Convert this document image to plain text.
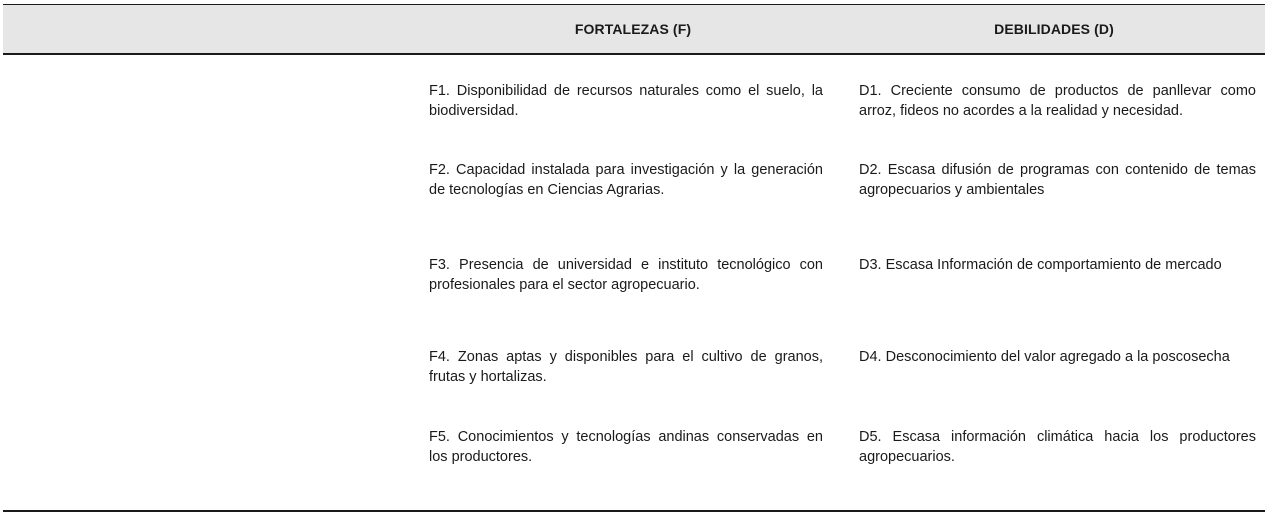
FORTALEZAS (F)	DEBILIDADES (D)
F1. Disponibilidad de recursos naturales como el suelo, la biodiversidad.
F2. Capacidad instalada para investigación y la generación de tecnologías en Ciencias Agrarias.
F3. Presencia de universidad e instituto tecnológico con profesionales para el sector agropecuario.
F4. Zonas aptas y disponibles para el cultivo de granos, frutas y hortalizas.
F5. Conocimientos y tecnologías andinas conservadas en los productores.
D1. Creciente consumo de productos de panllevar como arroz, fideos no acordes a la realidad y necesidad.
D2. Escasa difusión de programas con contenido de temas agropecuarios y ambientales
D3. Escasa Información de comportamiento de mercado
D4. Desconocimiento del valor agregado a la poscosecha
D5. Escasa información climática hacia los productores agropecuarios.
